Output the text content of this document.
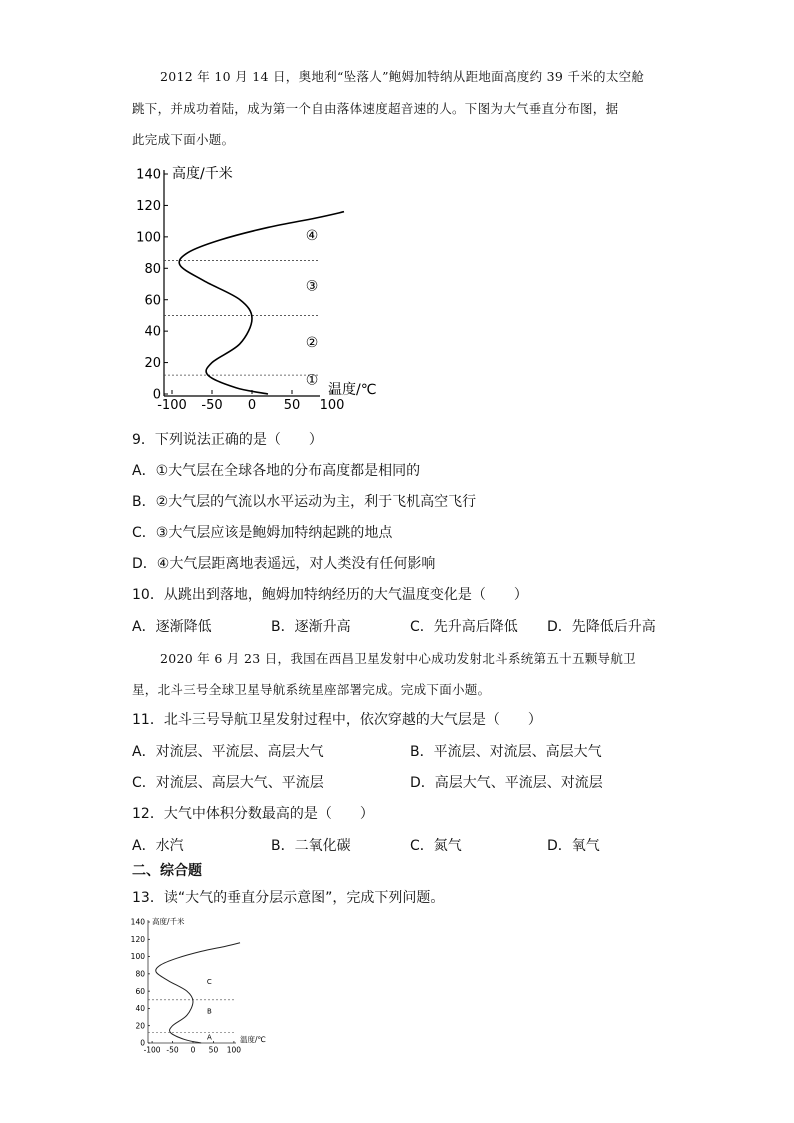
2012 年 10 月 14 日，奥地利“坠落人”鲍姆加特纳从距地面高度约 39 千米的太空舱
跳下，并成功着陆，成为第一个自由落体速度超音速的人。下图为大气垂直分布图，据
此完成下面小题。
0
20
40
60
80
100
120
140
-100 -50 0 50 100
①
②
③
④
高度/千米
温度/℃
9．下列说法正确的是（　　）
A．①大气层在全球各地的分布高度都是相同的
B．②大气层的气流以水平运动为主，利于飞机高空飞行
C．③大气层应该是鲍姆加特纳起跳的地点
D．④大气层距离地表遥远，对人类没有任何影响
10．从跳出到落地，鲍姆加特纳经历的大气温度变化是（　　）
A．逐渐降低	B．逐渐升高	C．先升高后降低 D．先降低后升高
2020 年 6 月 23 日，我国在西昌卫星发射中心成功发射北斗系统第五十五颗导航卫
星，北斗三号全球卫星导航系统星座部署完成。完成下面小题。
11．北斗三号导航卫星发射过程中，依次穿越的大气层是（　　）
A．对流层、平流层、高层大气	B．平流层、对流层、高层大气
C．对流层、高层大气、平流层	D．高层大气、平流层、对流层
12．大气中体积分数最高的是（　　）
A．水汽	B．二氧化碳	C．氮气	D．氧气
二、综合题
13．读“大气的垂直分层示意图”，完成下列问题。
0
20
40
60
80
100
120
140
-100 -50 0 50 100
A
B
C
高度/千米
温度/℃
